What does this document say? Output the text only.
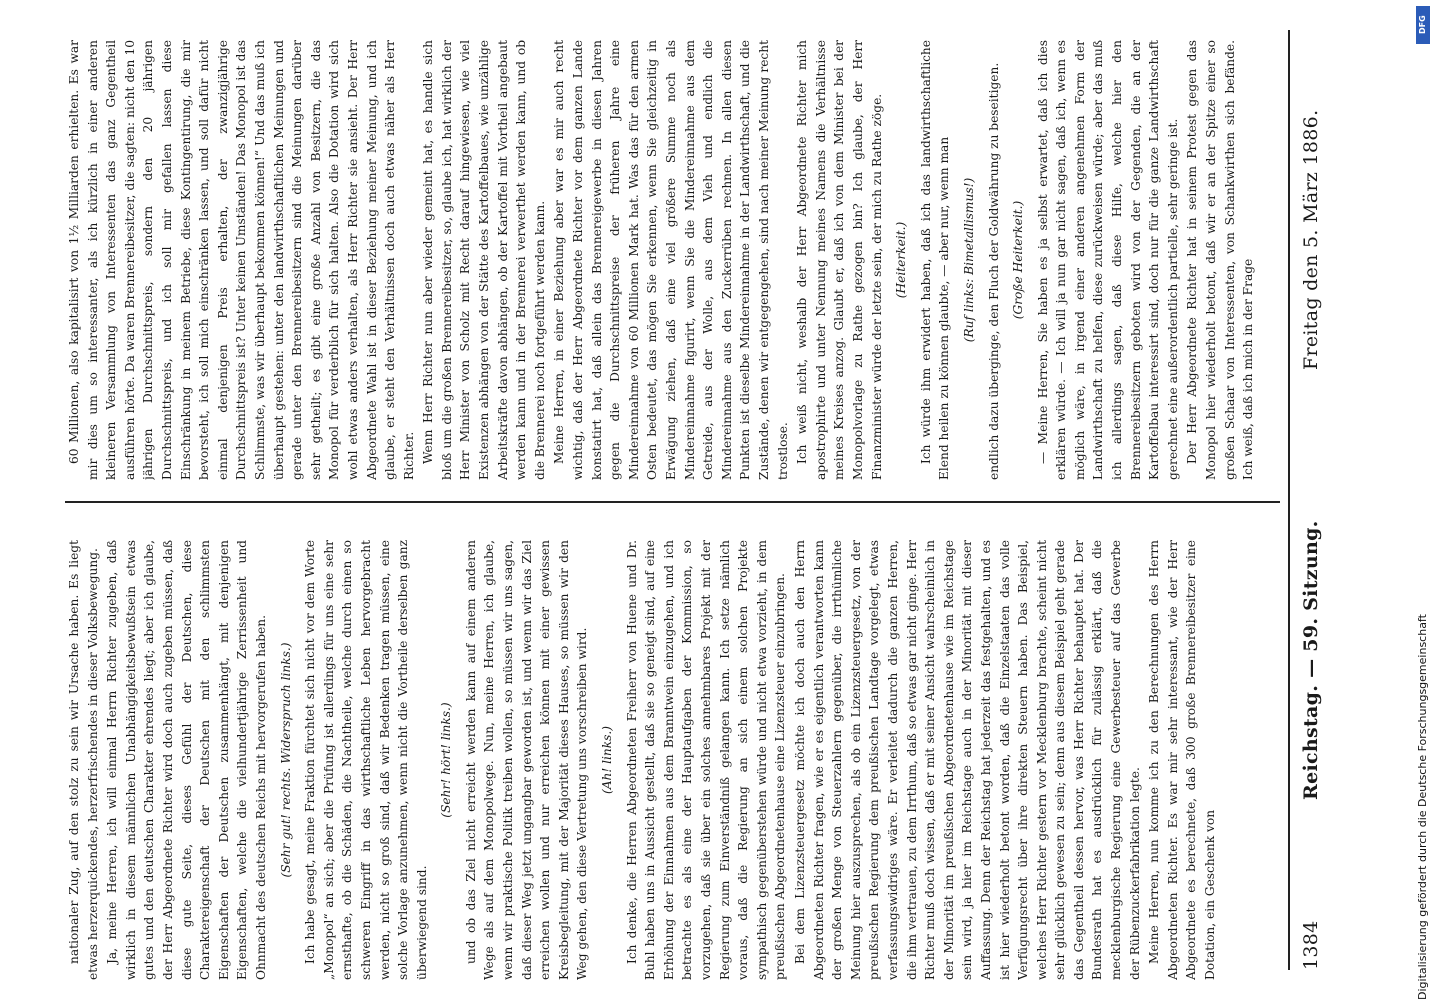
1384
Reichstag. — 59. Sitzung.
Freitag den 5. März 1886.

nationaler Zug, auf den stolz zu sein wir Ursache haben. Es liegt etwas herzerquickendes, herzerfrischendes in dieser Volksbewegung. Ja, meine Herren, ich will einmal Herrn Richter zugeben, daß wirklich in diesem männlichen Unabhängigkeitsbewußtsein etwas gutes und den deutschen Charakter ehrendes liegt; aber ich glaube, der Herr Abgeordnete Richter wird doch auch zugeben müssen, daß diese gute Seite, dieses Gefühl der Deutschen, diese Charaktereigenschaft der Deutschen mit den schlimmsten Eigenschaften der Deutschen zusammenhängt, mit denjenigen Eigenschaften, welche die vielhundertjährige Zerrissenheit und Ohnmacht des deutschen Reichs mit hervorgerufen haben. (Sehr gut! rechts. Widerspruch links.) Ich habe gesagt, meine Fraktion fürchtet sich nicht vor dem Worte „Monopol“ an sich; aber die Prüfung ist allerdings für uns eine sehr ernsthafte, ob die Schäden, die Nachtheile, welche durch einen so schweren Eingriff in das wirthschaftliche Leben hervorgebracht werden, nicht so groß sind, daß wir Bedenken tragen müssen, eine solche Vorlage anzunehmen, wenn nicht die Vortheile derselben ganz überwiegend sind.

(Sehr! hört! links.) und ob das Ziel nicht erreicht werden kann auf einem anderen Wege als auf dem Monopolwege. Nun, meine Herren, ich glaube, wenn wir praktische Politik treiben wollen, so müssen wir uns sagen, daß dieser Weg jetzt ungangbar geworden ist, und wenn wir das Ziel erreichen wollen und nur erreichen können mit einer gewissen Kreisbegleitung, mit der Majorität dieses Hauses, so müssen wir den Weg gehen, den diese Vertretung uns vorschreiben wird. (Ah! links.) Ich denke, die Herren Abgeordneten Freiherr von Huene und Dr. Buhl haben uns in Aussicht gestellt, daß sie so geneigt sind, auf eine Erhöhung der Einnahmen aus dem Branntwein einzugehen, und ich betrachte es als eine der Hauptaufgaben der Kommission, so vorzugehen, daß sie über ein solches annehmbares Projekt mit der Regierung zum Einverständniß gelangen kann. Ich setze nämlich voraus, daß die Regierung an sich einem solchen Projekte sympathisch gegenüberstehen würde und nicht etwa vorzieht, in dem preußischen Abgeordnetenhause eine Lizenzsteuer einzubringen. Bei dem Lizenzsteuergesetz möchte ich doch auch den Herrn Abgeordneten Richter fragen, wie er es eigentlich verantworten kann der großen Menge von Steuerzahlern gegenüber, die irrthümliche Meinung hier auszusprechen, als ob ein Lizenzsteuergesetz, von der preußischen Regierung dem preußischen Landtage vorgelegt, etwas verfassungswidriges wäre. Er verleitet dadurch die ganzen Herren, die ihm vertrauen, zu dem Irrthum, daß so etwas gar nicht ginge. Herr Richter muß doch wissen, daß er mit seiner Ansicht wahrscheinlich in der Minorität im preußischen Abgeordnetenhause wie im Reichstage sein wird, ja hier im Reichstage auch in der Minorität mit dieser Auffassung. Denn der Reichstag hat jederzeit das festgehalten, und es ist hier wiederholt betont worden, daß die Einzelstaaten das volle Verfügungsrecht über ihre direkten Steuern haben. Das Beispiel, welches Herr Richter gestern vor Mecklenburg brachte, scheint nicht sehr glücklich gewesen zu sein; denn aus diesem Beispiel geht gerade das Gegentheil dessen hervor, was Herr Richter behauptet hat. Der Bundesrath hat es ausdrücklich für zulässig erklärt, daß die mecklenburgische Regierung eine Gewerbesteuer auf das Gewerbe der Rübenzuckerfabrikation legte. Meine Herren, nun komme ich zu den Berechnungen des Herrn Abgeordneten Richter. Es war mir sehr interessant, wie der Herr Abgeordnete es berechnete, daß 300 große Brennereibesitzer eine Dotation, ein Geschenk von

60 Millionen, also kapitalisirt von 1½ Milliarden erhielten. Es war mir dies um so interessanter, als ich kürzlich in einer anderen kleineren Versammlung von Interessenten das ganz Gegentheil ausführen hörte. Da waren Brennereibesitzer, die sagten: nicht den 10 jährigen Durchschnittspreis, sondern den 20 jährigen Durchschnittspreis, und ich soll mir gefallen lassen diese Einschränkung in meinem Betriebe, diese Kontingentirung, die mir bevorsteht, ich soll mich einschränken lassen, und soll dafür nicht einmal denjenigen Preis erhalten, der zwanzigjährige Durchschnittspreis ist? Unter keinen Umständen! Das Monopol ist das Schlimmste, was wir überhaupt bekommen können!“ Und das muß ich überhaupt gestehen: unter den landwirthschaftlichen Meinungen und gerade unter den Brennereibesitzern sind die Meinungen darüber sehr getheilt; es gibt eine große Anzahl von Besitzern, die das Monopol für verderblich für sich halten. Also die Dotation wird sich wohl etwas anders verhalten, als Herr Richter sie ansieht. Der Herr Abgeordnete Wahl ist in dieser Beziehung meiner Meinung, und ich glaube, er steht den Verhältnissen doch auch etwas näher als Herr Richter. Wenn Herr Richter nun aber wieder gemeint hat, es handle sich bloß um die großen Brennereibesitzer, so, glaube ich, hat wirklich der Herr Minister von Scholz mit Recht darauf hingewiesen, wie viel Existenzen abhängen von der Stätte des Kartoffelbaues, wie unzählige Arbeitskräfte davon abhängen, ob der Kartoffel mit Vortheil angebaut werden kann und in der Brennerei verwerthet werden kann, und ob die Brennerei noch fortgeführt werden kann. Meine Herren, in einer Beziehung aber war es mir auch recht wichtig, daß der Herr Abgeordnete Richter vor dem ganzen Lande konstatirt hat, daß allein das Brennereigewerbe in diesen Jahren gegen die Durchschnittspreise der früheren Jahre eine Mindereinnahme von 60 Millionen Mark hat. Was das für den armen Osten bedeutet, das mögen Sie erkennen, wenn Sie gleichzeitig in Erwägung ziehen, daß eine viel größere Summe noch als Mindereinnahme figurirt, wenn Sie die Mindereinnahme aus dem Getreide, aus der Wolle, aus dem Vieh und endlich die Mindereinnahme aus den Zuckerrüben rechnen. In allen diesen Punkten ist dieselbe Mindereinnahme in der Landwirthschaft, und die Zustände, denen wir entgegengehen, sind nach meiner Meinung recht trostlose. Ich weiß nicht, weshalb der Herr Abgeordnete Richter mich apostrophirte und unter Nennung meines Namens die Verhältnisse meines Kreises anzog. Glaubt er, daß ich von dem Minister bei der Monopolvorlage zu Rathe gezogen bin? Ich glaube, der Herr Finanzminister würde der letzte sein, der mich zu Rathe zöge. (Heiterkeit.) Ich würde ihm erwidert haben, daß ich das landwirthschaftliche Elend heilen zu können glaubte, — aber nur, wenn man (Ruf links: Bimetallismus!) endlich dazu überginge, den Fluch der Goldwährung zu beseitigen. (Große Heiterkeit.) — Meine Herren, Sie haben es ja selbst erwartet, daß ich dies erklären würde. — Ich will ja nun gar nicht sagen, daß ich, wenn es möglich wäre, in irgend einer anderen angenehmen Form der Landwirthschaft zu helfen, diese zurückweisen würde; aber das muß ich allerdings sagen, daß diese Hilfe, welche hier den Brennereibesitzern geboten wird von der Gegenden, die an der Kartoffelbau interessirt sind, doch nur für die ganze Landwirthschaft gerechnet eine außerordentlich partielle, sehr geringe ist. Der Herr Abgeordnete Richter hat in seinem Protest gegen das Monopol hier wiederholt betont, daß wir er an der Spitze einer so großen Schaar von Interessenten, von Schankwirthen sich befände. Ich weiß, daß ich mich in der Frage

Digitalisierung gefördert durch die Deutsche Forschungsgemeinschaft
DFG
